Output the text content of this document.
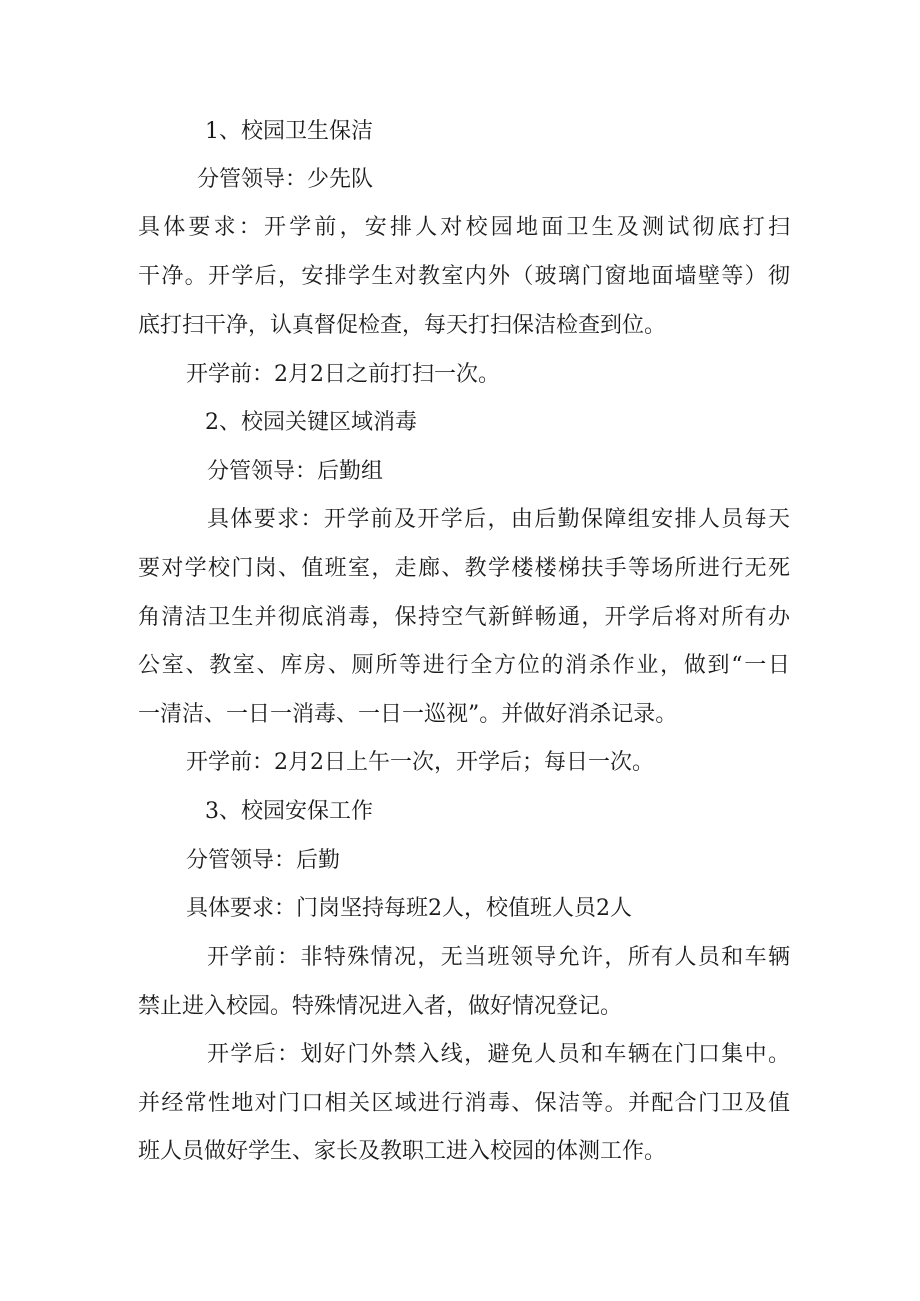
1、校园卫生保洁
分管领导：少先队
具体要求：开学前，安排人对校园地面卫生及测试彻底打扫
干净。开学后，安排学生对教室内外（玻璃门窗地面墙壁等）彻
底打扫干净，认真督促检查，每天打扫保洁检查到位。
开学前：2月2日之前打扫一次。
2、校园关键区域消毒
分管领导：后勤组
具体要求：开学前及开学后，由后勤保障组安排人员每天
要对学校门岗、值班室，走廊、教学楼楼梯扶手等场所进行无死
角清洁卫生并彻底消毒，保持空气新鲜畅通，开学后将对所有办
公室、教室、库房、厕所等进行全方位的消杀作业，做到“一日
一清洁、一日一消毒、一日一巡视”。并做好消杀记录。
开学前：2月2日上午一次，开学后；每日一次。
3、校园安保工作
分管领导：后勤
具体要求：门岗坚持每班2人，校值班人员2人
开学前：非特殊情况，无当班领导允许，所有人员和车辆
禁止进入校园。特殊情况进入者，做好情况登记。
开学后：划好门外禁入线，避免人员和车辆在门口集中。
并经常性地对门口相关区域进行消毒、保洁等。并配合门卫及值
班人员做好学生、家长及教职工进入校园的体测工作。
